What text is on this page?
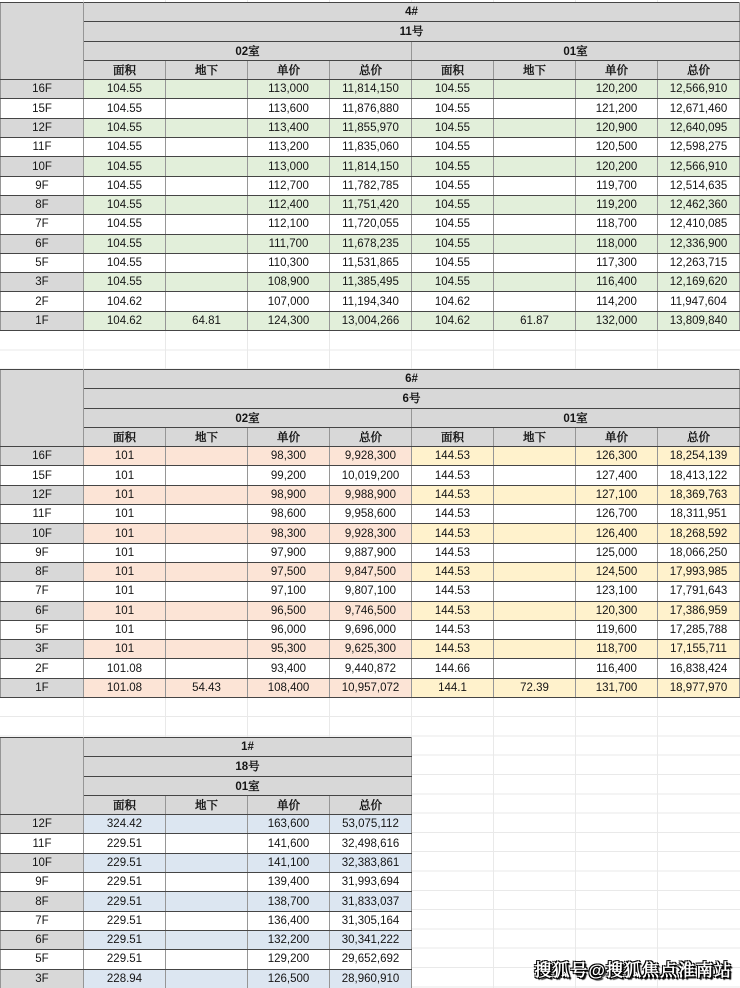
	4#							
	11号							
	02室				01室			
	面积	地下	单价	总价	面积	地下	单价	总价
16F	104.55		113,000	11,814,150	104.55		120,200	12,566,910
15F	104.55		113,600	11,876,880	104.55		121,200	12,671,460
12F	104.55		113,400	11,855,970	104.55		120,900	12,640,095
11F	104.55		113,200	11,835,060	104.55		120,500	12,598,275
10F	104.55		113,000	11,814,150	104.55		120,200	12,566,910
9F	104.55		112,700	11,782,785	104.55		119,700	12,514,635
8F	104.55		112,400	11,751,420	104.55		119,200	12,462,360
7F	104.55		112,100	11,720,055	104.55		118,700	12,410,085
6F	104.55		111,700	11,678,235	104.55		118,000	12,336,900
5F	104.55		110,300	11,531,865	104.55		117,300	12,263,715
3F	104.55		108,900	11,385,495	104.55		116,400	12,169,620
2F	104.62		107,000	11,194,340	104.62		114,200	11,947,604
1F	104.62	64.81	124,300	13,004,266	104.62	61.87	132,000	13,809,840
	6#							
	6号							
	02室				01室			
	面积	地下	单价	总价	面积	地下	单价	总价
16F	101		98,300	9,928,300	144.53		126,300	18,254,139
15F	101		99,200	10,019,200	144.53		127,400	18,413,122
12F	101		98,900	9,988,900	144.53		127,100	18,369,763
11F	101		98,600	9,958,600	144.53		126,700	18,311,951
10F	101		98,300	9,928,300	144.53		126,400	18,268,592
9F	101		97,900	9,887,900	144.53		125,000	18,066,250
8F	101		97,500	9,847,500	144.53		124,500	17,993,985
7F	101		97,100	9,807,100	144.53		123,100	17,791,643
6F	101		96,500	9,746,500	144.53		120,300	17,386,959
5F	101		96,000	9,696,000	144.53		119,600	17,285,788
3F	101		95,300	9,625,300	144.53		118,700	17,155,711
2F	101.08		93,400	9,440,872	144.66		116,400	16,838,424
1F	101.08	54.43	108,400	10,957,072	144.1	72.39	131,700	18,977,970
	1#			
	18号			
	01室			
	面积	地下	单价	总价
12F	324.42		163,600	53,075,112
11F	229.51		141,600	32,498,616
10F	229.51		141,100	32,383,861
9F	229.51		139,400	31,993,694
8F	229.51		138,700	31,833,037
7F	229.51		136,400	31,305,164
6F	229.51		132,200	30,341,222
5F	229.51		129,200	29,652,692
3F	228.94		126,500	28,960,910	搜狐号@搜狐焦点淮南站
